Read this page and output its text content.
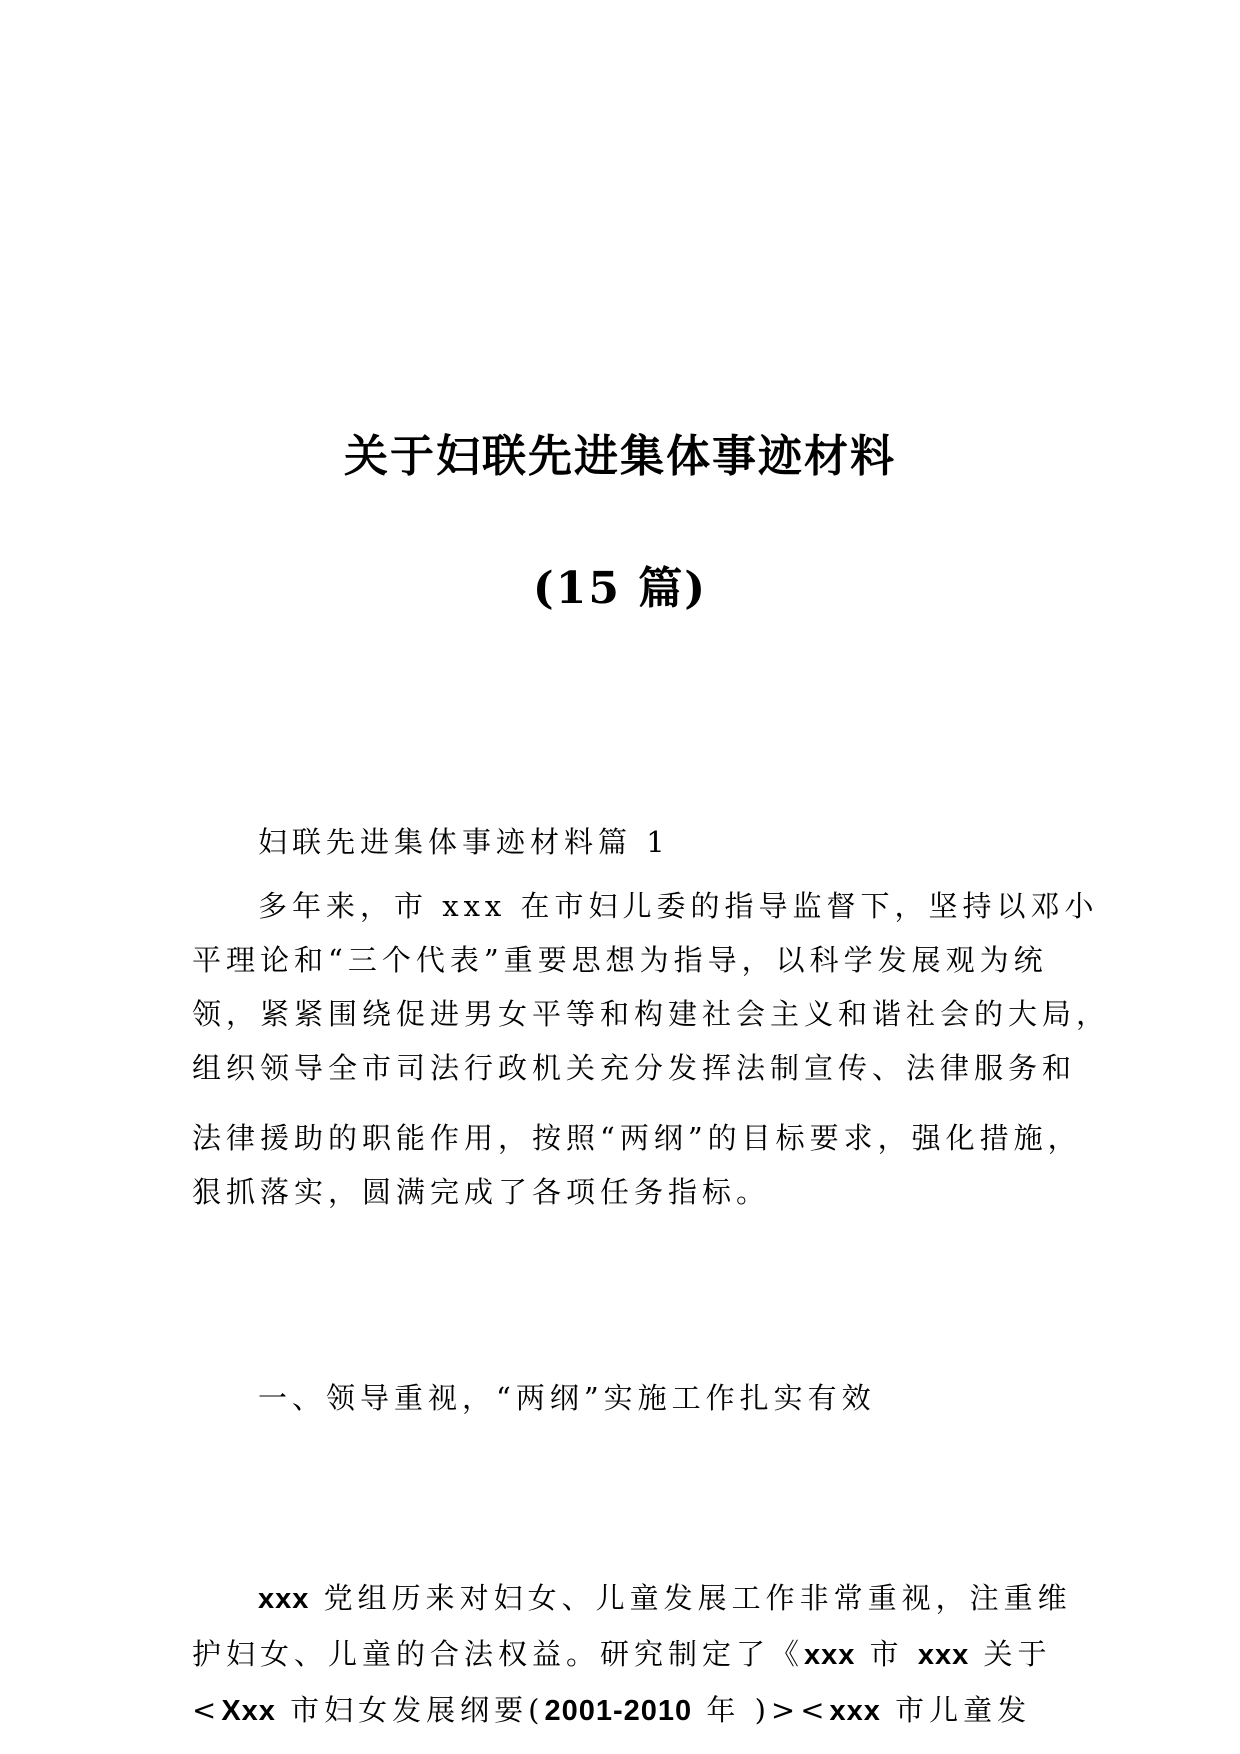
关于妇联先进集体事迹材料
(15 篇)
妇联先进集体事迹材料篇 1
多年来，市 xxx 在市妇儿委的指导监督下，坚持以邓小
平理论和“三个代表”重要思想为指导，以科学发展观为统
领，紧紧围绕促进男女平等和构建社会主义和谐社会的大局，
组织领导全市司法行政机关充分发挥法制宣传、法律服务和
法律援助的职能作用，按照“两纲”的目标要求，强化措施，
狠抓落实，圆满完成了各项任务指标。
一、领导重视，“两纲”实施工作扎实有效
xxx 党组历来对妇女、儿童发展工作非常重视，注重维
护妇女、儿童的合法权益。研究制定了《xxx 市 xxx 关于
<Xxx 市妇女发展纲要(2001-2010 年 )><xxx 市儿童发
